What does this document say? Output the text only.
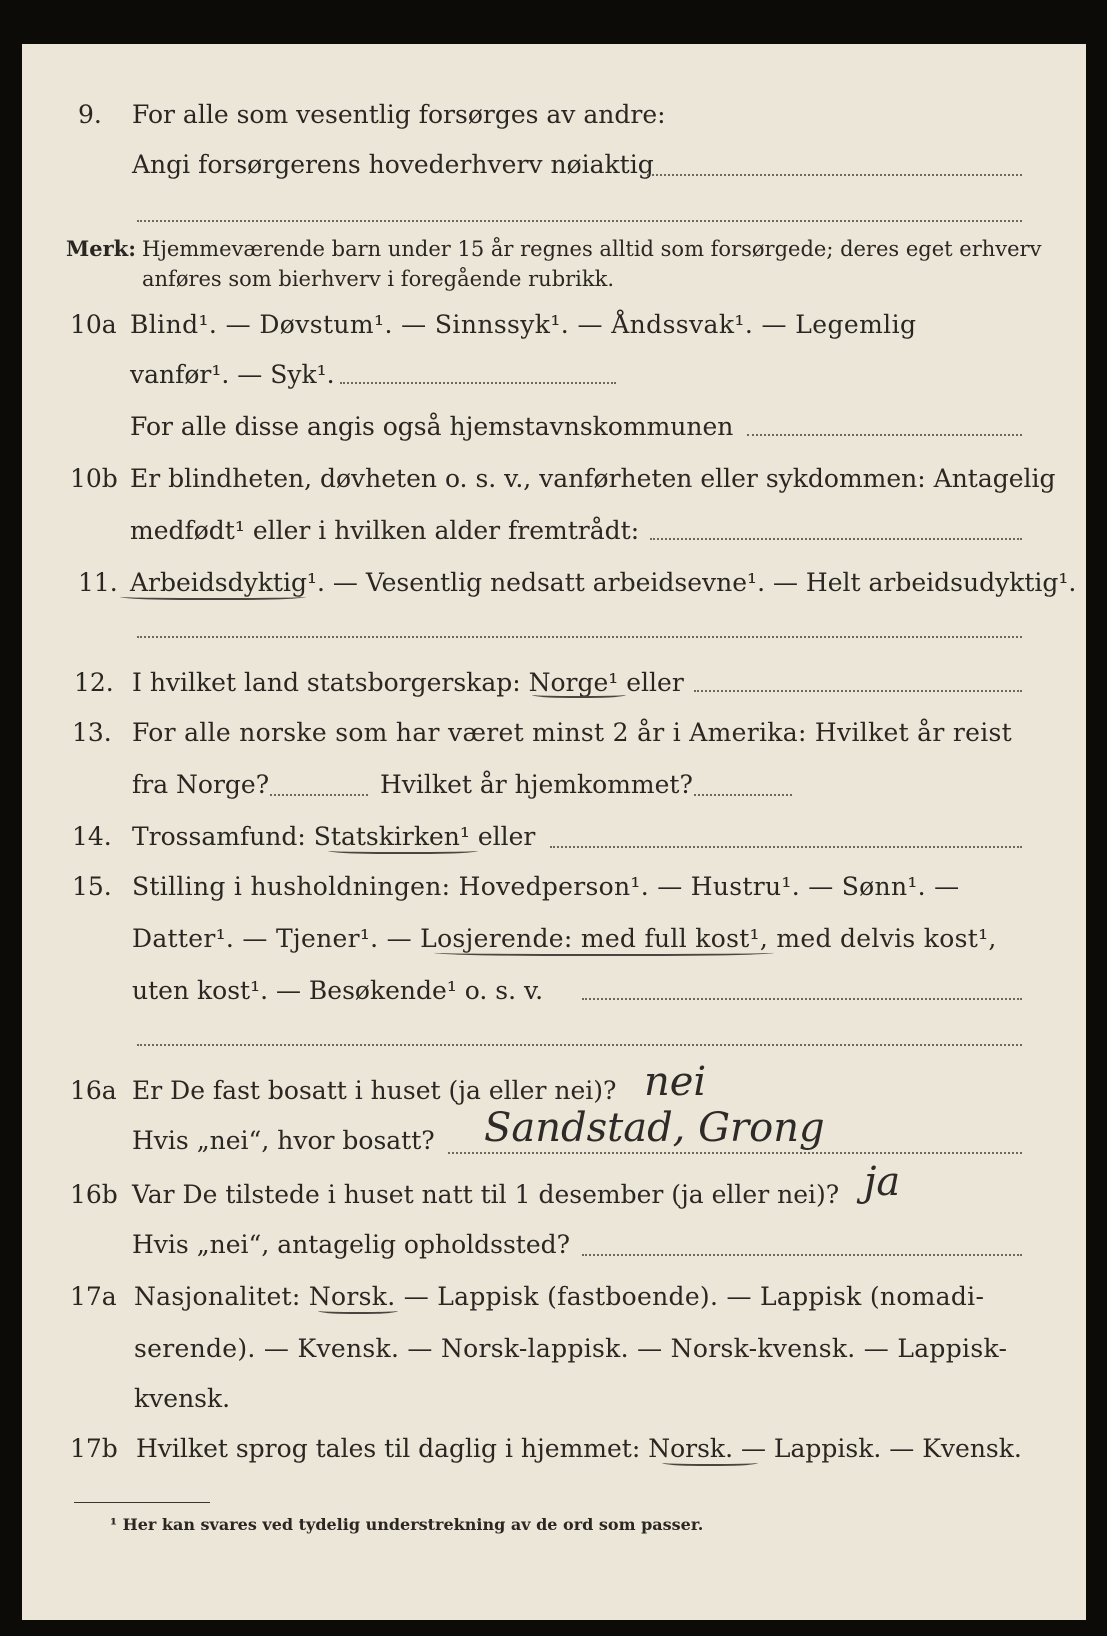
9. For alle som vesentlig forsørges av andre:
Angi forsørgerens hovederhverv nøiaktig
Merk: Hjemmeværende barn under 15 år regnes alltid som forsørgede; deres eget erhverv
anføres som bierhverv i foregående rubrikk.
10a Blind¹. — Døvstum¹. — Sinnssyk¹. — Åndssvak¹. — Legemlig
vanfør¹. — Syk¹.
For alle disse angis også hjemstavnskommunen
10b Er blindheten, døvheten o. s. v., vanførheten eller sykdommen: Antagelig
medfødt¹ eller i hvilken alder fremtrådt:
11. Arbeidsdyktig¹. — Vesentlig nedsatt arbeidsevne¹. — Helt arbeidsudyktig¹.
12. I hvilket land statsborgerskap: Norge¹ eller
13. For alle norske som har været minst 2 år i Amerika: Hvilket år reist
fra Norge?	Hvilket år hjemkommet?
14. Trossamfund: Statskirken¹ eller
15. Stilling i husholdningen: Hovedperson¹. — Hustru¹. — Sønn¹. —
Datter¹. — Tjener¹. — Losjerende: med full kost¹, med delvis kost¹,
uten kost¹. — Besøkende¹ o. s. v.
16a Er De fast bosatt i huset (ja eller nei)? nei
Hvis „nei“, hvor bosatt? Sandstad, Grong
16b Var De tilstede i huset natt til 1 desember (ja eller nei)? ja
Hvis „nei“, antagelig opholdssted?
17a Nasjonalitet: Norsk. — Lappisk (fastboende). — Lappisk (nomadi-
serende). — Kvensk. — Norsk-lappisk. — Norsk-kvensk. — Lappisk-
kvensk.
17b Hvilket sprog tales til daglig i hjemmet: Norsk. — Lappisk. — Kvensk.
¹ Her kan svares ved tydelig understrekning av de ord som passer.
